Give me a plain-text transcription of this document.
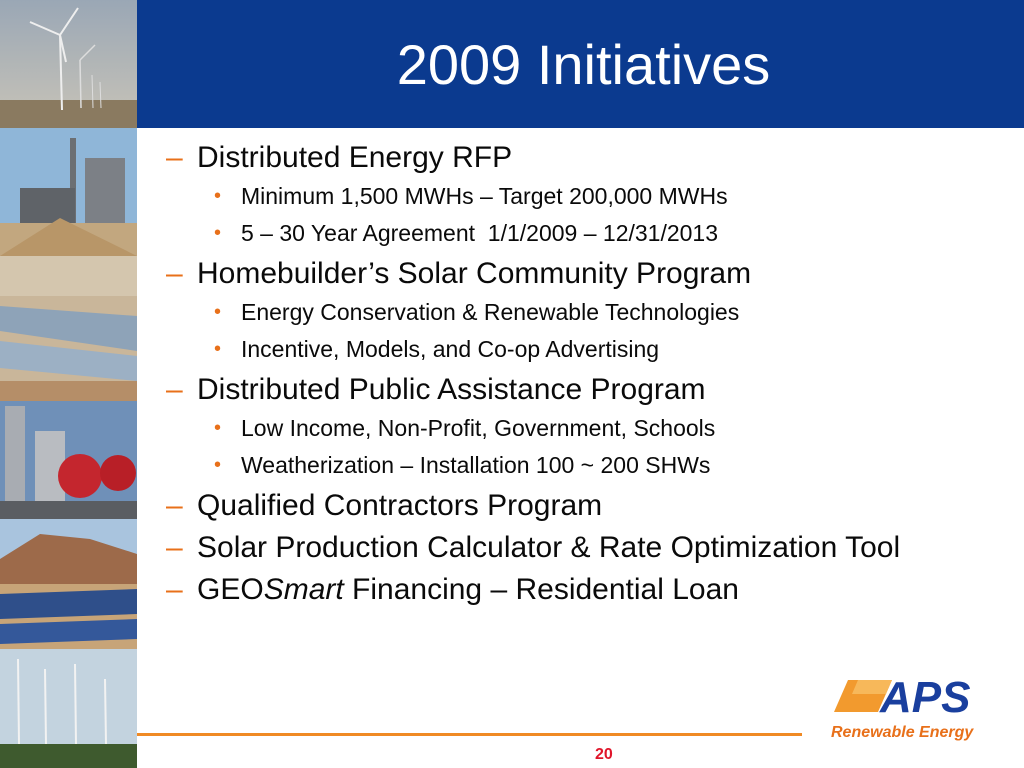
2009 Initiatives
– Distributed Energy RFP
• Minimum 1,500 MWHs – Target 200,000 MWHs
• 5 – 30 Year Agreement  1/1/2009 – 12/31/2013
– Homebuilder’s Solar Community Program
• Energy Conservation & Renewable Technologies
• Incentive, Models, and Co-op Advertising
– Distributed Public Assistance Program
• Low Income, Non-Profit, Government, Schools
• Weatherization – Installation 100 ~ 200 SHWs
– Qualified Contractors Program
– Solar Production Calculator & Rate Optimization Tool
– GEOSmart Financing – Residential Loan
APS
Renewable Energy
20
